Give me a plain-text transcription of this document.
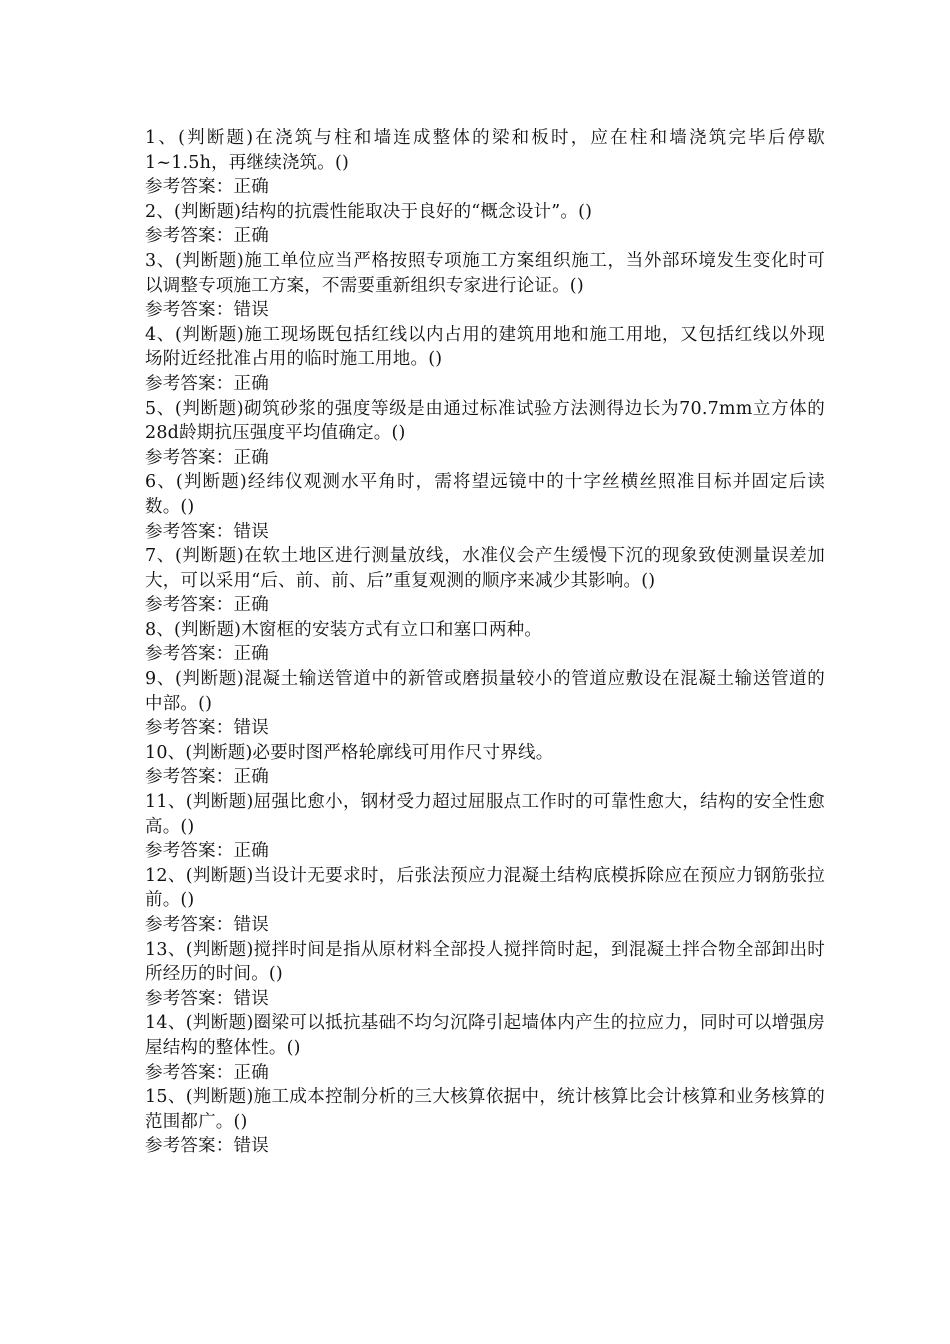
1、(判断题)在浇筑与柱和墙连成整体的梁和板时，应在柱和墙浇筑完毕后停歇1~1.5h，再继续浇筑。()

参考答案：正确

2、(判断题)结构的抗震性能取决于良好的“概念设计”。()

参考答案：正确

3、(判断题)施工单位应当严格按照专项施工方案组织施工，当外部环境发生变化时可以调整专项施工方案，不需要重新组织专家进行论证。()

参考答案：错误

4、(判断题)施工现场既包括红线以内占用的建筑用地和施工用地，又包括红线以外现场附近经批准占用的临时施工用地。()

参考答案：正确

5、(判断题)砌筑砂浆的强度等级是由通过标准试验方法测得边长为70.7mm立方体的28d龄期抗压强度平均值确定。()

参考答案：正确

6、(判断题)经纬仪观测水平角时，需将望远镜中的十字丝横丝照准目标并固定后读数。()

参考答案：错误

7、(判断题)在软土地区进行测量放线，水准仪会产生缓慢下沉的现象致使测量误差加大，可以采用“后、前、前、后”重复观测的顺序来减少其影响。()

参考答案：正确

8、(判断题)木窗框的安装方式有立口和塞口两种。

参考答案：正确

9、(判断题)混凝土输送管道中的新管或磨损量较小的管道应敷设在混凝土输送管道的中部。()

参考答案：错误

10、(判断题)必要时图严格轮廓线可用作尺寸界线。

参考答案：正确

11、(判断题)屈强比愈小，钢材受力超过屈服点工作时的可靠性愈大，结构的安全性愈高。()

参考答案：正确

12、(判断题)当设计无要求时，后张法预应力混凝土结构底模拆除应在预应力钢筋张拉前。()

参考答案：错误

13、(判断题)搅拌时间是指从原材料全部投人搅拌筒时起，到混凝土拌合物全部卸出时所经历的时间。()

参考答案：错误

14、(判断题)圈梁可以抵抗基础不均匀沉降引起墙体内产生的拉应力，同时可以增强房屋结构的整体性。()

参考答案：正确

15、(判断题)施工成本控制分析的三大核算依据中，统计核算比会计核算和业务核算的范围都广。()

参考答案：错误
